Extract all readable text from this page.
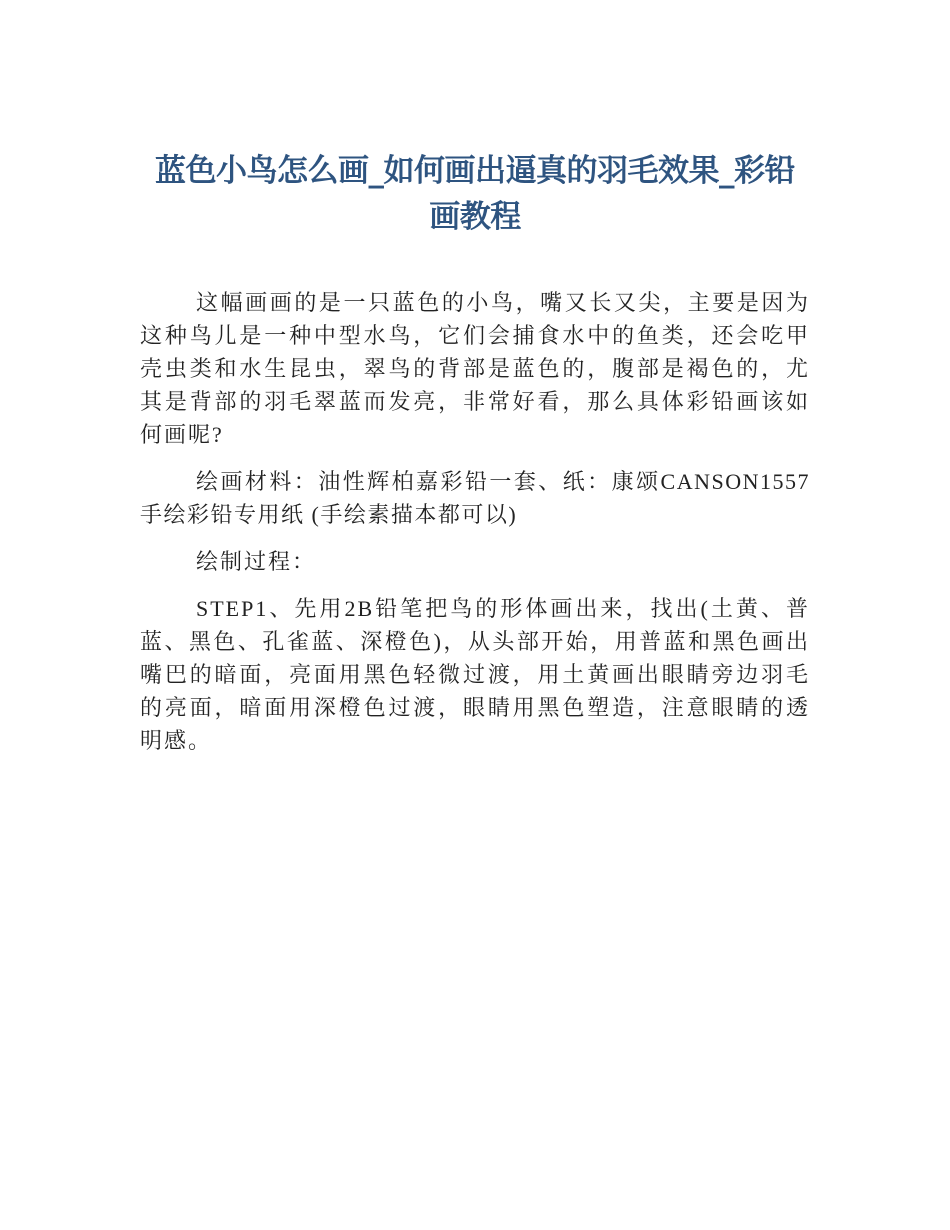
蓝色小鸟怎么画_如何画出逼真的羽毛效果_彩铅画教程

这幅画画的是一只蓝色的小鸟，嘴又长又尖，主要是因为这种鸟儿是一种中型水鸟，它们会捕食水中的鱼类，还会吃甲壳虫类和水生昆虫，翠鸟的背部是蓝色的，腹部是褐色的，尤其是背部的羽毛翠蓝而发亮，非常好看，那么具体彩铅画该如何画呢?

绘画材料：油性辉柏嘉彩铅一套、纸：康颂CANSON1557手绘彩铅专用纸 (手绘素描本都可以)

绘制过程：

STEP1、先用2B铅笔把鸟的形体画出来，找出(土黄、普蓝、黑色、孔雀蓝、深橙色)，从头部开始，用普蓝和黑色画出嘴巴的暗面，亮面用黑色轻微过渡，用土黄画出眼睛旁边羽毛的亮面，暗面用深橙色过渡，眼睛用黑色塑造，注意眼睛的透明感。
